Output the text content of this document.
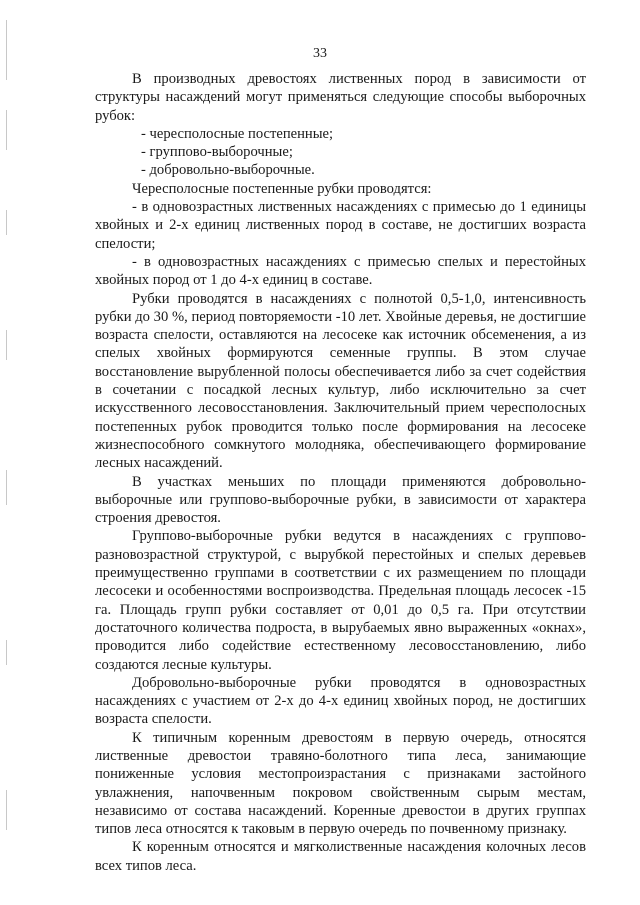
33

В производных древостоях лиственных пород в зависимости от структуры насаждений могут применяться следующие способы выборочных рубок:

- чересполосные постепенные;

- группово-выборочные;

- добровольно-выборочные.

Чересполосные постепенные рубки проводятся:

- в одновозрастных лиственных насаждениях с примесью до 1 единицы хвойных и 2-х единиц лиственных пород в составе, не достигших возраста спелости;

- в одновозрастных насаждениях с примесью спелых и перестойных хвойных пород от 1 до 4-х единиц в составе.

Рубки проводятся в насаждениях с полнотой 0,5-1,0, интенсивность рубки до 30 %, период повторяемости -10 лет. Хвойные деревья, не достигшие возраста спелости, оставляются на лесосеке как источник обсеменения, а из спелых хвойных формируются семенные группы. В этом случае восстановление вырубленной полосы обеспечивается либо за счет содействия в сочетании с посадкой лесных культур, либо исключительно за счет искусственного лесовосстановления. Заключительный прием чересполосных постепенных рубок проводится только после формирования на лесосеке жизнеспособного сомкнутого молодняка, обеспечивающего формирование лесных насаждений.

В участках меньших по площади применяются добровольно-выборочные или группово-выборочные рубки, в зависимости от характера строения древостоя.

Группово-выборочные рубки ведутся в насаждениях с группово-разновозрастной структурой, с вырубкой перестойных и спелых деревьев преимущественно группами в соответствии с их размещением по площади лесосеки и особенностями воспроизводства. Предельная площадь лесосек -15 га. Площадь групп рубки составляет от 0,01 до 0,5 га. При отсутствии достаточного количества подроста, в вырубаемых явно выраженных «окнах», проводится либо содействие естественному лесовосстановлению, либо создаются лесные культуры.

Добровольно-выборочные рубки проводятся в одновозрастных насаждениях с участием от 2-х до 4-х единиц хвойных пород, не достигших возраста спелости.

К типичным коренным древостоям в первую очередь, относятся лиственные древостои травяно-болотного типа леса, занимающие пониженные условия местопроизрастания с признаками застойного увлажнения, напочвенным покровом свойственным сырым местам, независимо от состава насаждений. Коренные древостои в других группах типов леса относятся к таковым в первую очередь по почвенному признаку.

К коренным относятся и мягколиственные насаждения колочных лесов всех типов леса.
